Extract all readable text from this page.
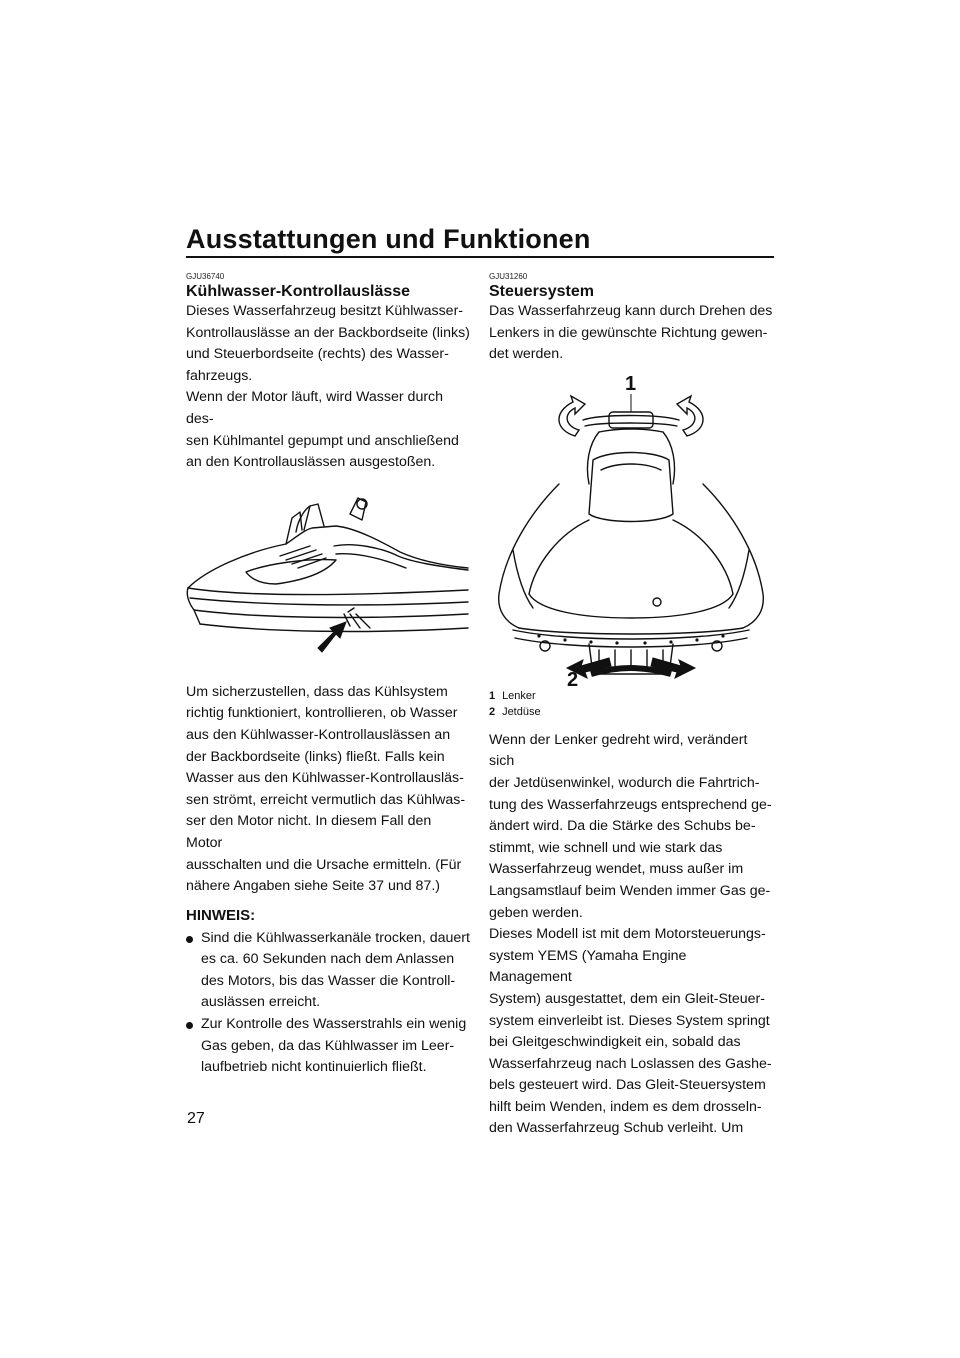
Ausstattungen und Funktionen

GJU36740

Kühlwasser-Kontrollauslässe

Dieses Wasserfahrzeug besitzt Kühlwasser-
Kontrollauslässe an der Backbordseite (links)
und Steuerbordseite (rechts) des Wasser-
fahrzeugs.

Wenn der Motor läuft, wird Wasser durch des-
sen Kühlmantel gepumpt und anschließend
an den Kontrollauslässen ausgestoßen.

Um sicherzustellen, dass das Kühlsystem
richtig funktioniert, kontrollieren, ob Wasser
aus den Kühlwasser-Kontrollauslässen an
der Backbordseite (links) fließt. Falls kein
Wasser aus den Kühlwasser-Kontrollausläs-
sen strömt, erreicht vermutlich das Kühlwas-
ser den Motor nicht. In diesem Fall den Motor
ausschalten und die Ursache ermitteln. (Für
nähere Angaben siehe Seite 37 und 87.)

HINWEIS:
Sind die Kühlwasserkanäle trocken, dauert
es ca. 60 Sekunden nach dem Anlassen
des Motors, bis das Wasser die Kontroll-
auslässen erreicht.
Zur Kontrolle des Wasserstrahls ein wenig
Gas geben, da das Kühlwasser im Leer-
laufbetrieb nicht kontinuierlich fließt.

GJU31260

Steuersystem

Das Wasserfahrzeug kann durch Drehen des
Lenkers in die gewünschte Richtung gewen-
det werden.

1
2
1 Lenker
2 Jetdüse

Wenn der Lenker gedreht wird, verändert sich
der Jetdüsenwinkel, wodurch die Fahrtrich-
tung des Wasserfahrzeugs entsprechend ge-
ändert wird. Da die Stärke des Schubs be-
stimmt, wie schnell und wie stark das
Wasserfahrzeug wendet, muss außer im
Langsamstlauf beim Wenden immer Gas ge-
geben werden.

Dieses Modell ist mit dem Motorsteuerungs-
system YEMS (Yamaha Engine Management
System) ausgestattet, dem ein Gleit-Steuer-
system einverleibt ist. Dieses System springt
bei Gleitgeschwindigkeit ein, sobald das
Wasserfahrzeug nach Loslassen des Gashe-
bels gesteuert wird. Das Gleit-Steuersystem
hilft beim Wenden, indem es dem drosseln-
den Wasserfahrzeug Schub verleiht. Um

27
